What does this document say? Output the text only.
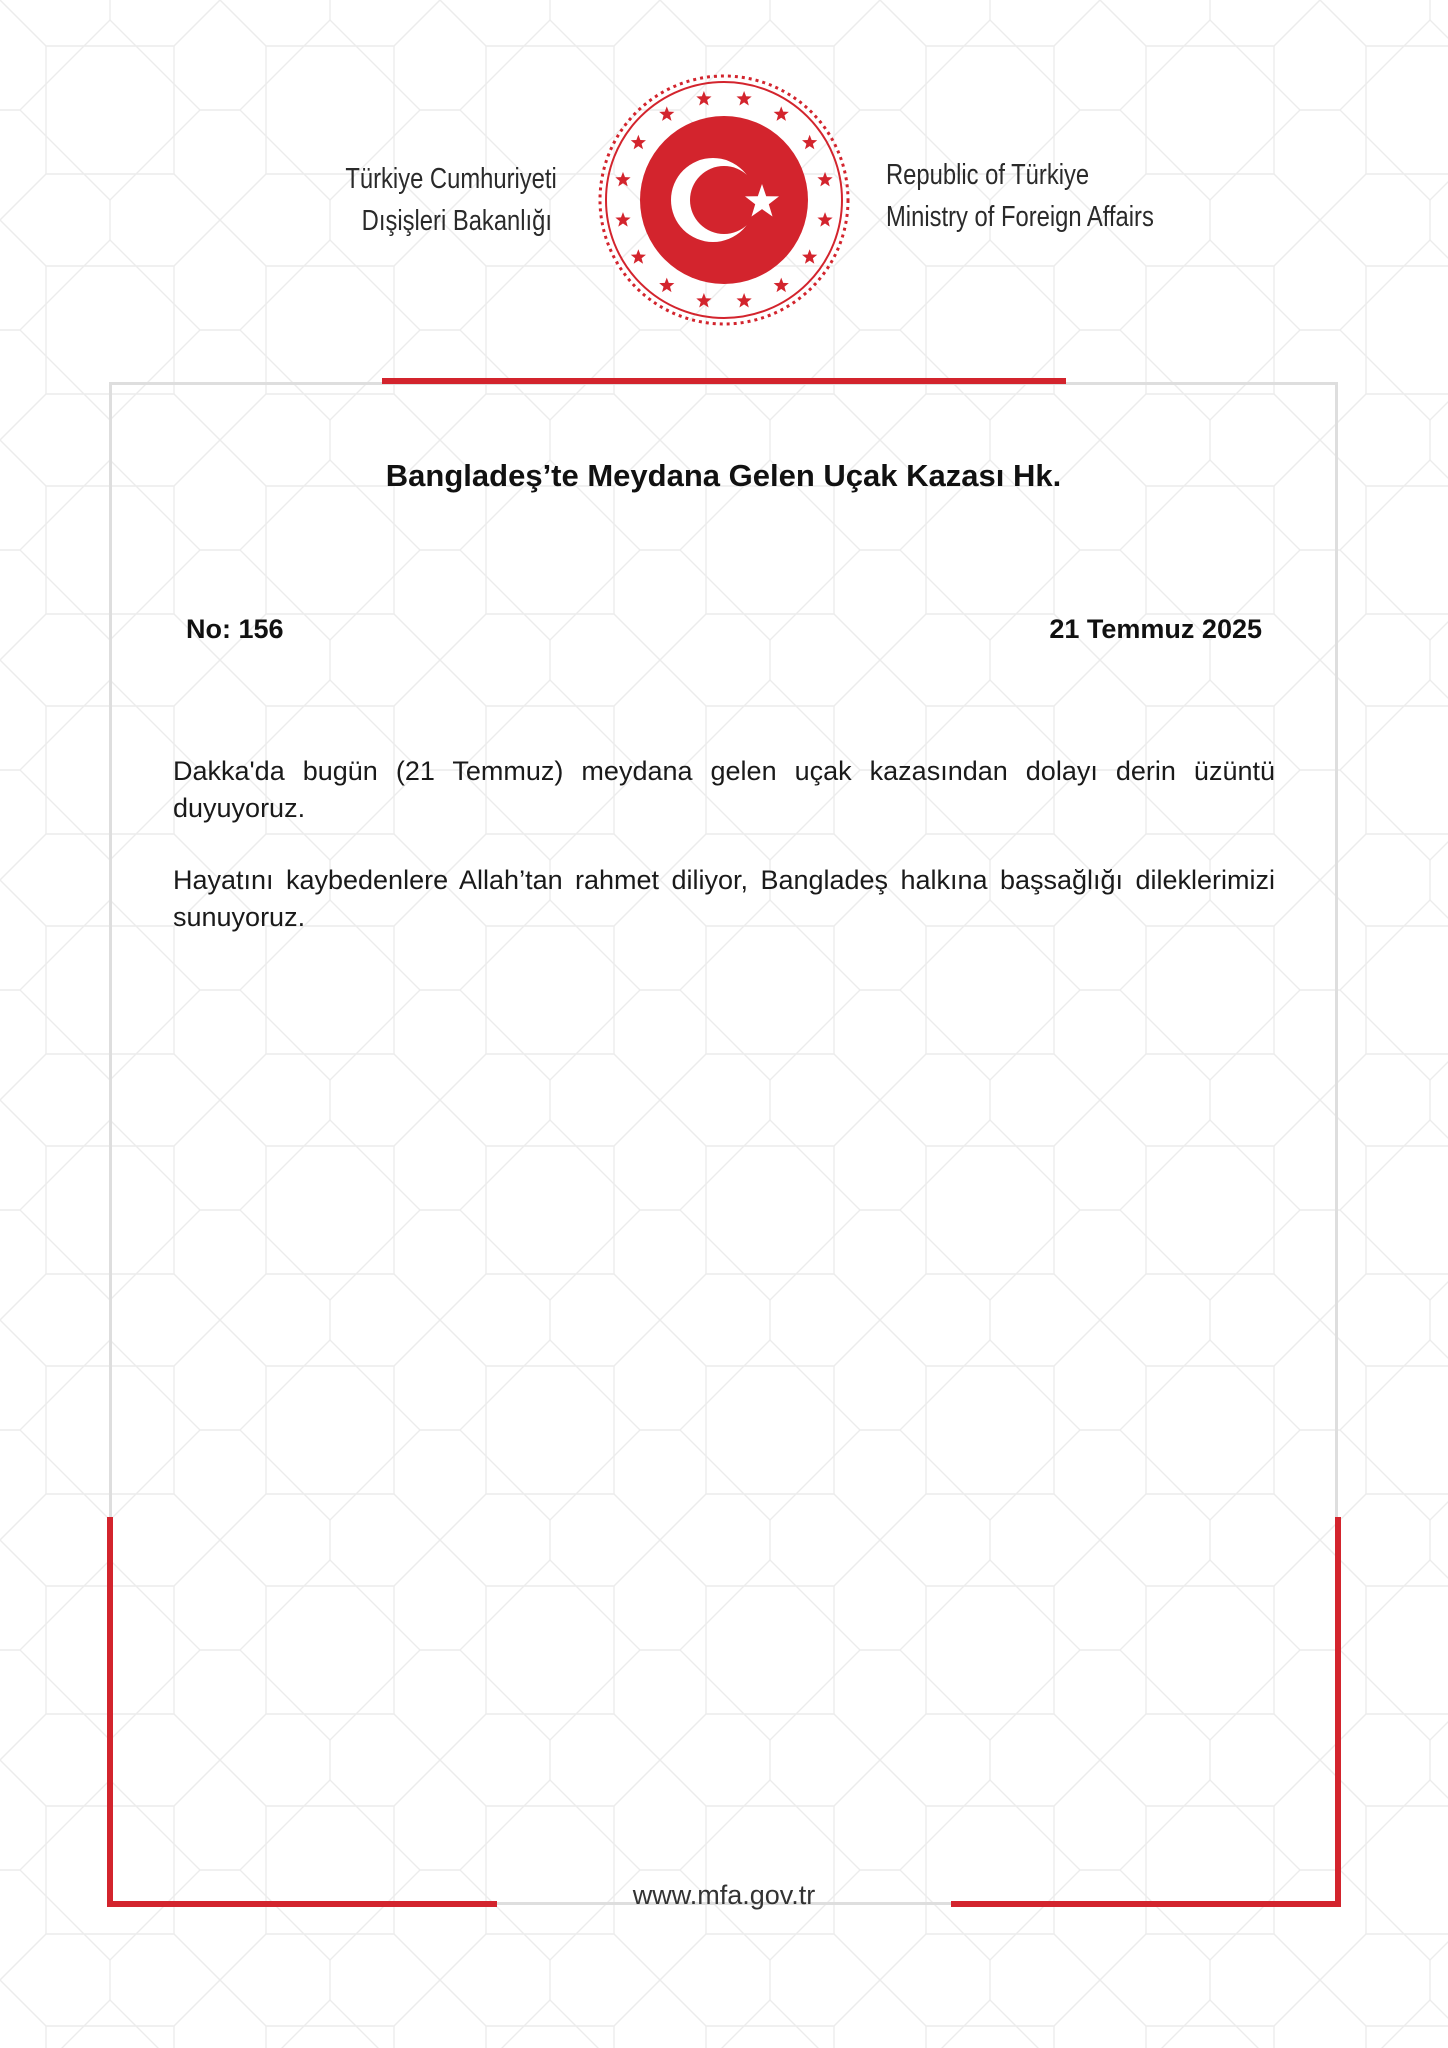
Türkiye Cumhuriyeti
Dışişleri Bakanlığı
Republic of Türkiye
Ministry of Foreign Affairs
Bangladeş’te Meydana Gelen Uçak Kazası Hk.
No: 156	21 Temmuz 2025

Dakka'da bugün (21 Temmuz) meydana gelen uçak kazasından dolayı derin üzüntü duyuyoruz.

Hayatını kaybedenlere Allah’tan rahmet diliyor, Bangladeş halkına başsağlığı dileklerimizi sunuyoruz.

www.mfa.gov.tr
